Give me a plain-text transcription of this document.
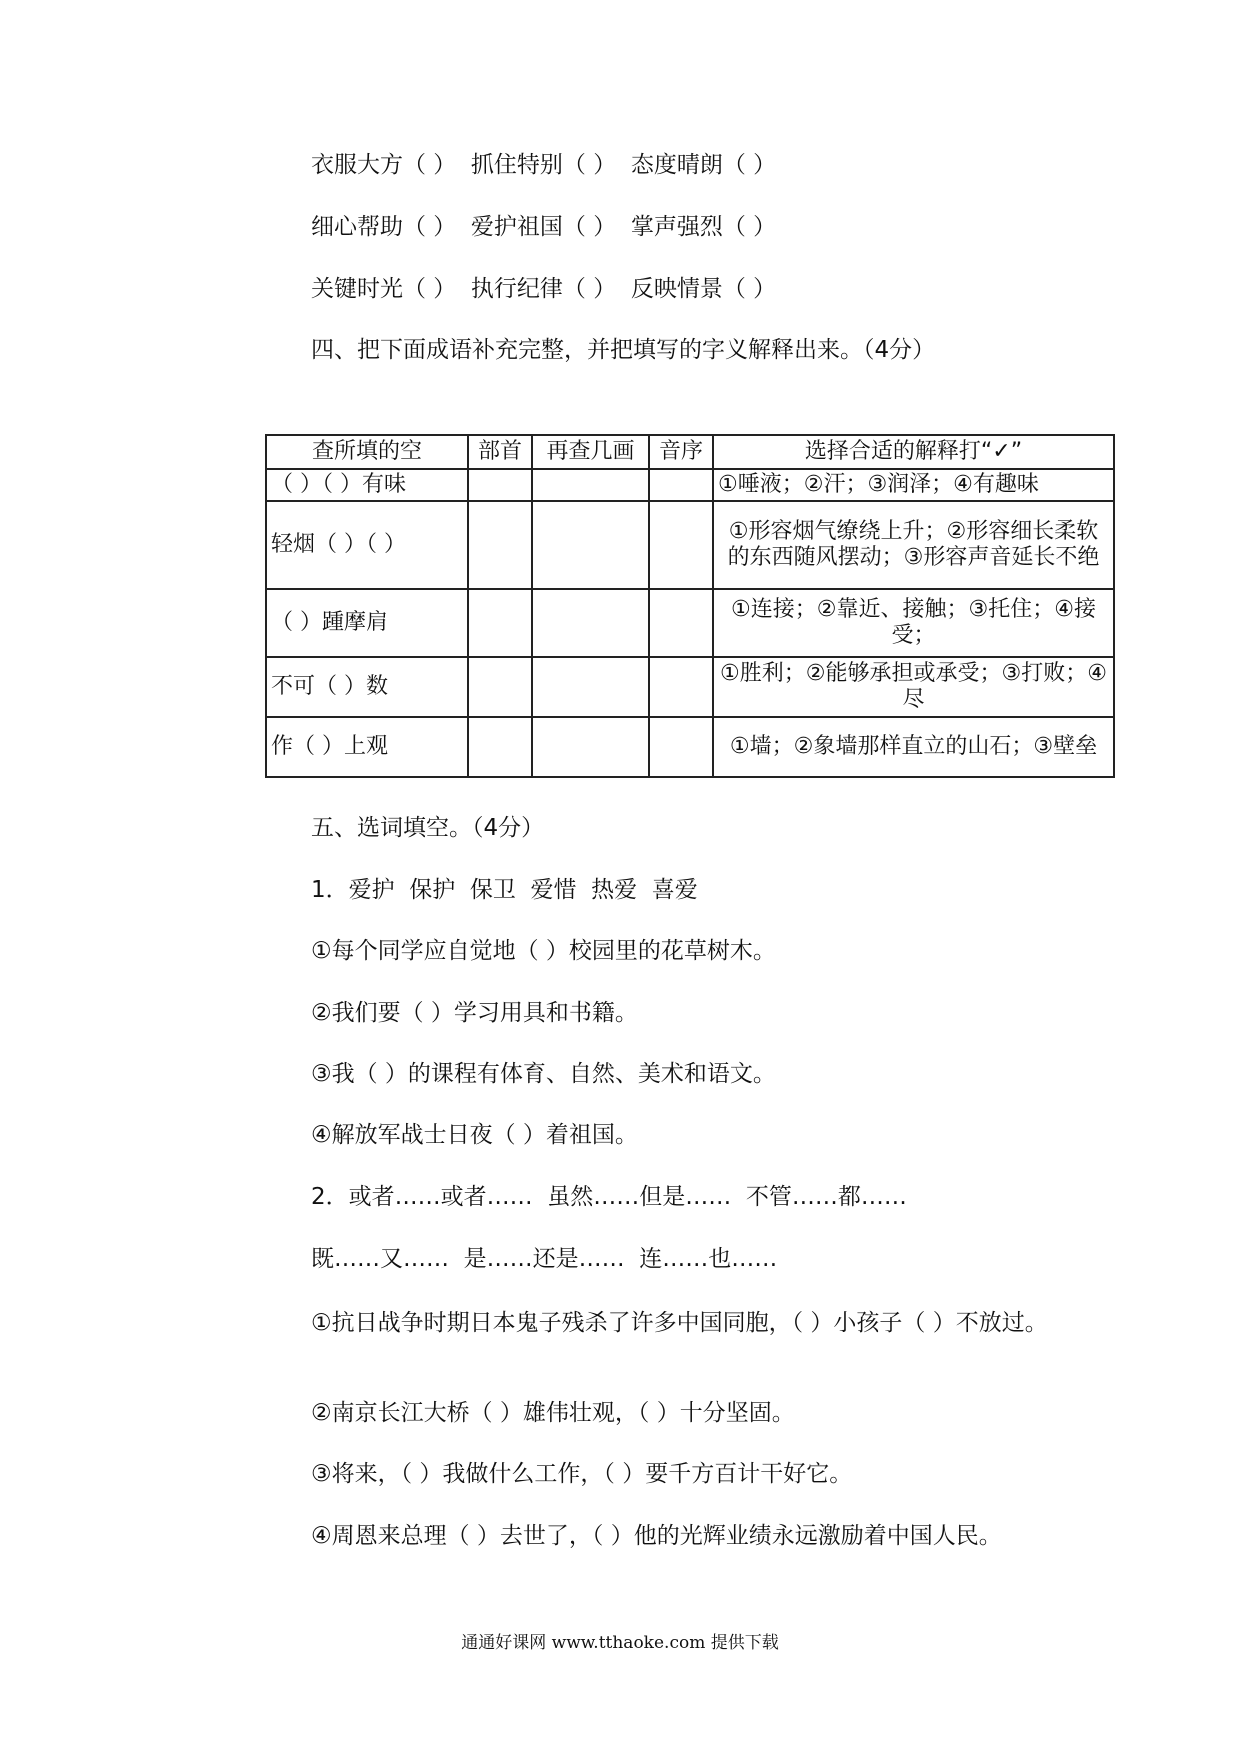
衣服大方（ ）  抓住特别（ ）  态度晴朗（ ）

细心帮助（ ）  爱护祖国（ ）  掌声强烈（ ）

关键时光（ ）  执行纪律（ ）  反映情景（ ）

四、把下面成语补充完整，并把填写的字义解释出来。（4分）

查所填的空	部首	再查几画	音序	选择合适的解释打“✓”
（ ）（ ）有味				①唾液；②汗；③润泽；④有趣味
轻烟（ ）（ ）				①形容烟气缭绕上升；②形容细长柔软的东西随风摆动；③形容声音延长不绝
（ ）踵摩肩				①连接；②靠近、接触；③托住；④接受；
不可（ ）数				①胜利；②能够承担或承受；③打败；④尽
作（ ）上观				①墙；②象墙那样直立的山石；③壁垒

五、选词填空。（4分）

1．爱护  保护  保卫  爱惜  热爱  喜爱

①每个同学应自觉地（ ）校园里的花草树木。

②我们要（ ）学习用具和书籍。

③我（ ）的课程有体育、自然、美术和语文。

④解放军战士日夜（ ）着祖国。

2．或者……或者……  虽然……但是……  不管……都……

既……又……  是……还是……  连……也……

①抗日战争时期日本鬼子残杀了许多中国同胞，（ ）小孩子（ ）不放过。

②南京长江大桥（ ）雄伟壮观，（ ）十分坚固。

③将来，（ ）我做什么工作，（ ）要千方百计干好它。

④周恩来总理（ ）去世了，（ ）他的光辉业绩永远激励着中国人民。

通通好课网 www.tthaoke.com 提供下载
